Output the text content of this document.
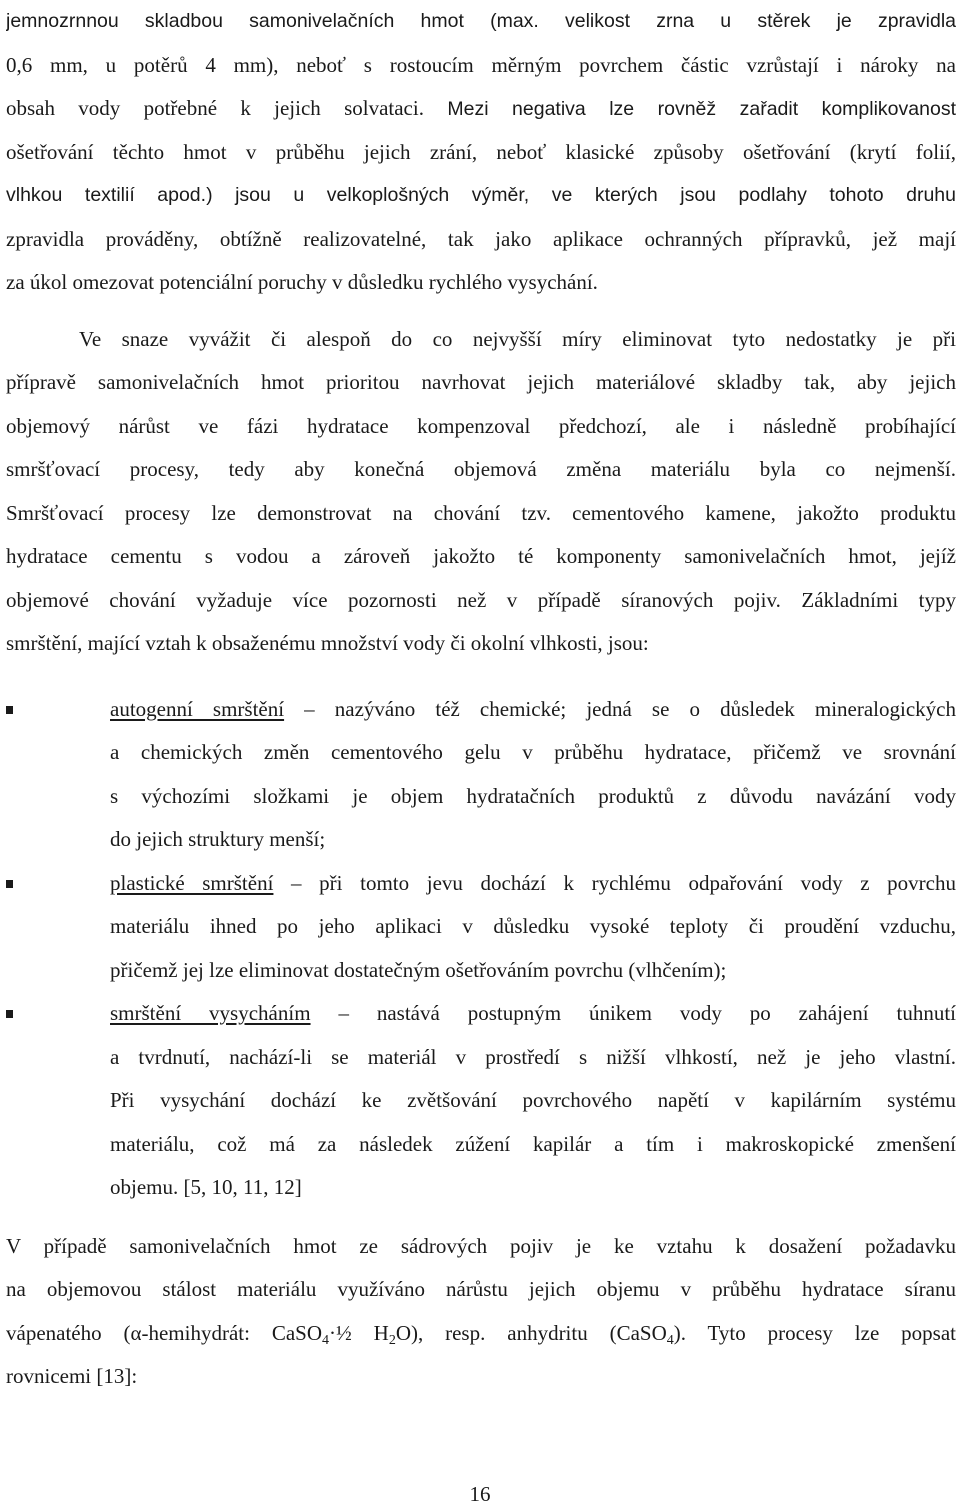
jemnozrnnou skladbou samonivelačních hmot (max. velikost zrna u stěrek je zpravidla
0,6 mm, u potěrů 4 mm), neboť s rostoucím měrným povrchem částic vzrůstají i nároky na
obsah vody potřebné k jejich solvataci. Mezi negativa lze rovněž zařadit komplikovanost
ošetřování těchto hmot v průběhu jejich zrání, neboť klasické způsoby ošetřování (krytí folií,
vlhkou textilií apod.) jsou u velkoplošných výměr, ve kterých jsou podlahy tohoto druhu
zpravidla prováděny, obtížně realizovatelné, tak jako aplikace ochranných přípravků, jež mají
za úkol omezovat potenciální poruchy v důsledku rychlého vysychání.
Ve snaze vyvážit či alespoň do co nejvyšší míry eliminovat tyto nedostatky je při
přípravě samonivelačních hmot prioritou navrhovat jejich materiálové skladby tak, aby jejich
objemový nárůst ve fázi hydratace kompenzoval předchozí, ale i následně probíhající
smršťovací procesy, tedy aby konečná objemová změna materiálu byla co nejmenší.
Smršťovací procesy lze demonstrovat na chování tzv. cementového kamene, jakožto produktu
hydratace cementu s vodou a zároveň jakožto té komponenty samonivelačních hmot, jejíž
objemové chování vyžaduje více pozornosti než v případě síranových pojiv. Základními typy
smrštění, mající vztah k obsaženému množství vody či okolní vlhkosti, jsou:
autogenní smrštění – nazýváno též chemické; jedná se o důsledek mineralogických
a chemických změn cementového gelu v průběhu hydratace, přičemž ve srovnání
s výchozími složkami je objem hydratačních produktů z důvodu navázání vody
do jejich struktury menší;
plastické smrštění – při tomto jevu dochází k rychlému odpařování vody z povrchu
materiálu ihned po jeho aplikaci v důsledku vysoké teploty či proudění vzduchu,
přičemž jej lze eliminovat dostatečným ošetřováním povrchu (vlhčením);
smrštění vysycháním – nastává postupným únikem vody po zahájení tuhnutí
a tvrdnutí, nachází-li se materiál v prostředí s nižší vlhkostí, než je jeho vlastní.
Při vysychání dochází ke zvětšování povrchového napětí v kapilárním systému
materiálu, což má za následek zúžení kapilár a tím i makroskopické zmenšení
objemu. [5, 10, 11, 12]
V případě samonivelačních hmot ze sádrových pojiv je ke vztahu k dosažení požadavku
na objemovou stálost materiálu využíváno nárůstu jejich objemu v průběhu hydratace síranu
vápenatého (α-hemihydrát: CaSO$_4$·½ $H_2O$), resp. anhydritu (CaSO$_4$). Tyto procesy lze popsat
rovnicemi [13]:
16
